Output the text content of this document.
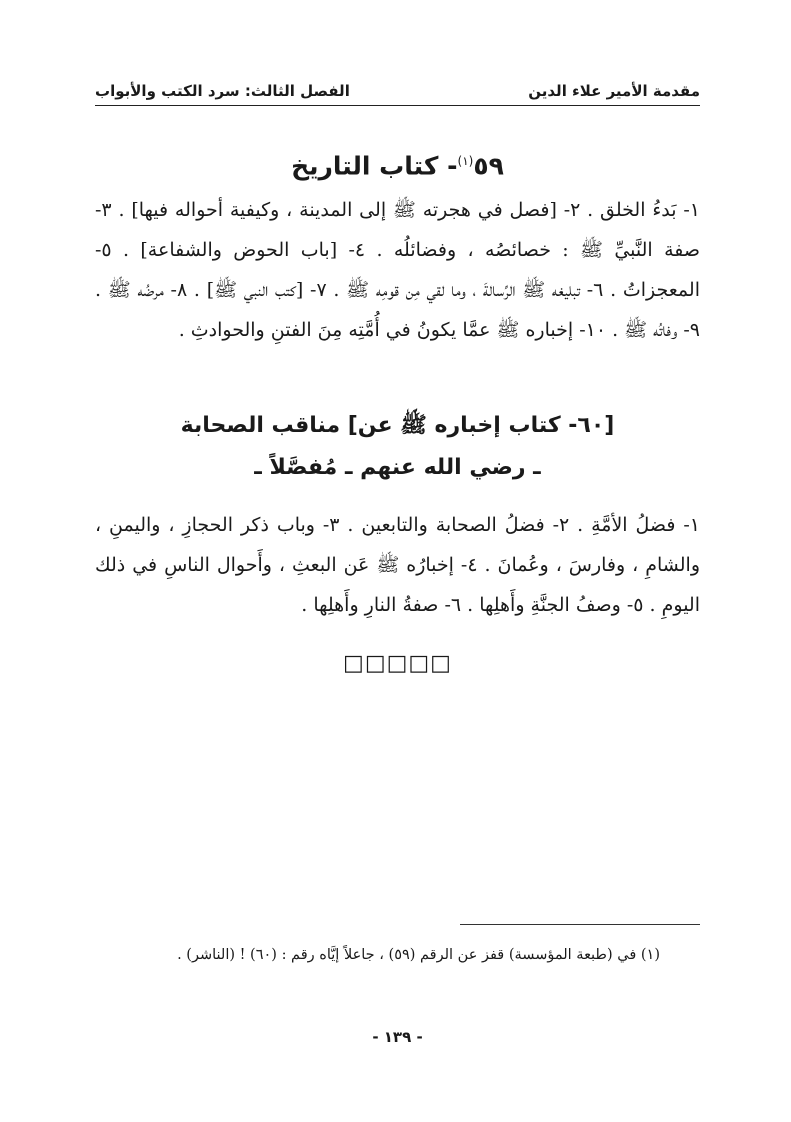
مقدمة الأمير علاء الدين
الفصل الثالث: سرد الكتب والأبواب
٥٩$^{(١)}$- كتاب التاريخ

١- بَدءُ الخلق . ٢- [فصل في هجرته ﷺ إلى المدينة ، وكيفية أحواله فيها] . ٣- صفة النَّبيِّ ﷺ : خصائصُه ، وفضائلُه . ٤- [باب الحوض والشفاعة] . ٥- المعجزاتُ . ٦- تبليغه ﷺ الرِّسالةَ ، وما لقي مِن قومِه ﷺ . ٧- [كتب النبي ﷺ] . ٨- مرضُه ﷺ . ٩- وفاتُه ﷺ . ١٠- إخباره ﷺ عمَّا يكونُ في أُمَّتِه مِنَ الفتنِ والحوادثِ .

[٦٠- كتاب إخباره ﷺ عن] مناقب الصحابة
ـ رضي الله عنهم ـ مُفصَّلاً ـ

١- فضلُ الأمَّةِ . ٢- فضلُ الصحابة والتابعين . ٣- وباب ذكر الحجازِ ، واليمنِ ، والشامِ ، وفارسَ ، وعُمانَ . ٤- إخبارُه ﷺ عَن البعثِ ، وأَحوال الناسِ في ذلك اليومِ . ٥- وصفُ الجنَّةِ وأَهلِها . ٦- صفةُ النارِ وأَهلِها .

□□□□□
(١) في (طبعة المؤسسة) قفز عن الرقم (٥٩) ، جاعلاً إيَّاه رقم : (٦٠) ! (الناشر) .
- ١٣٩ -
